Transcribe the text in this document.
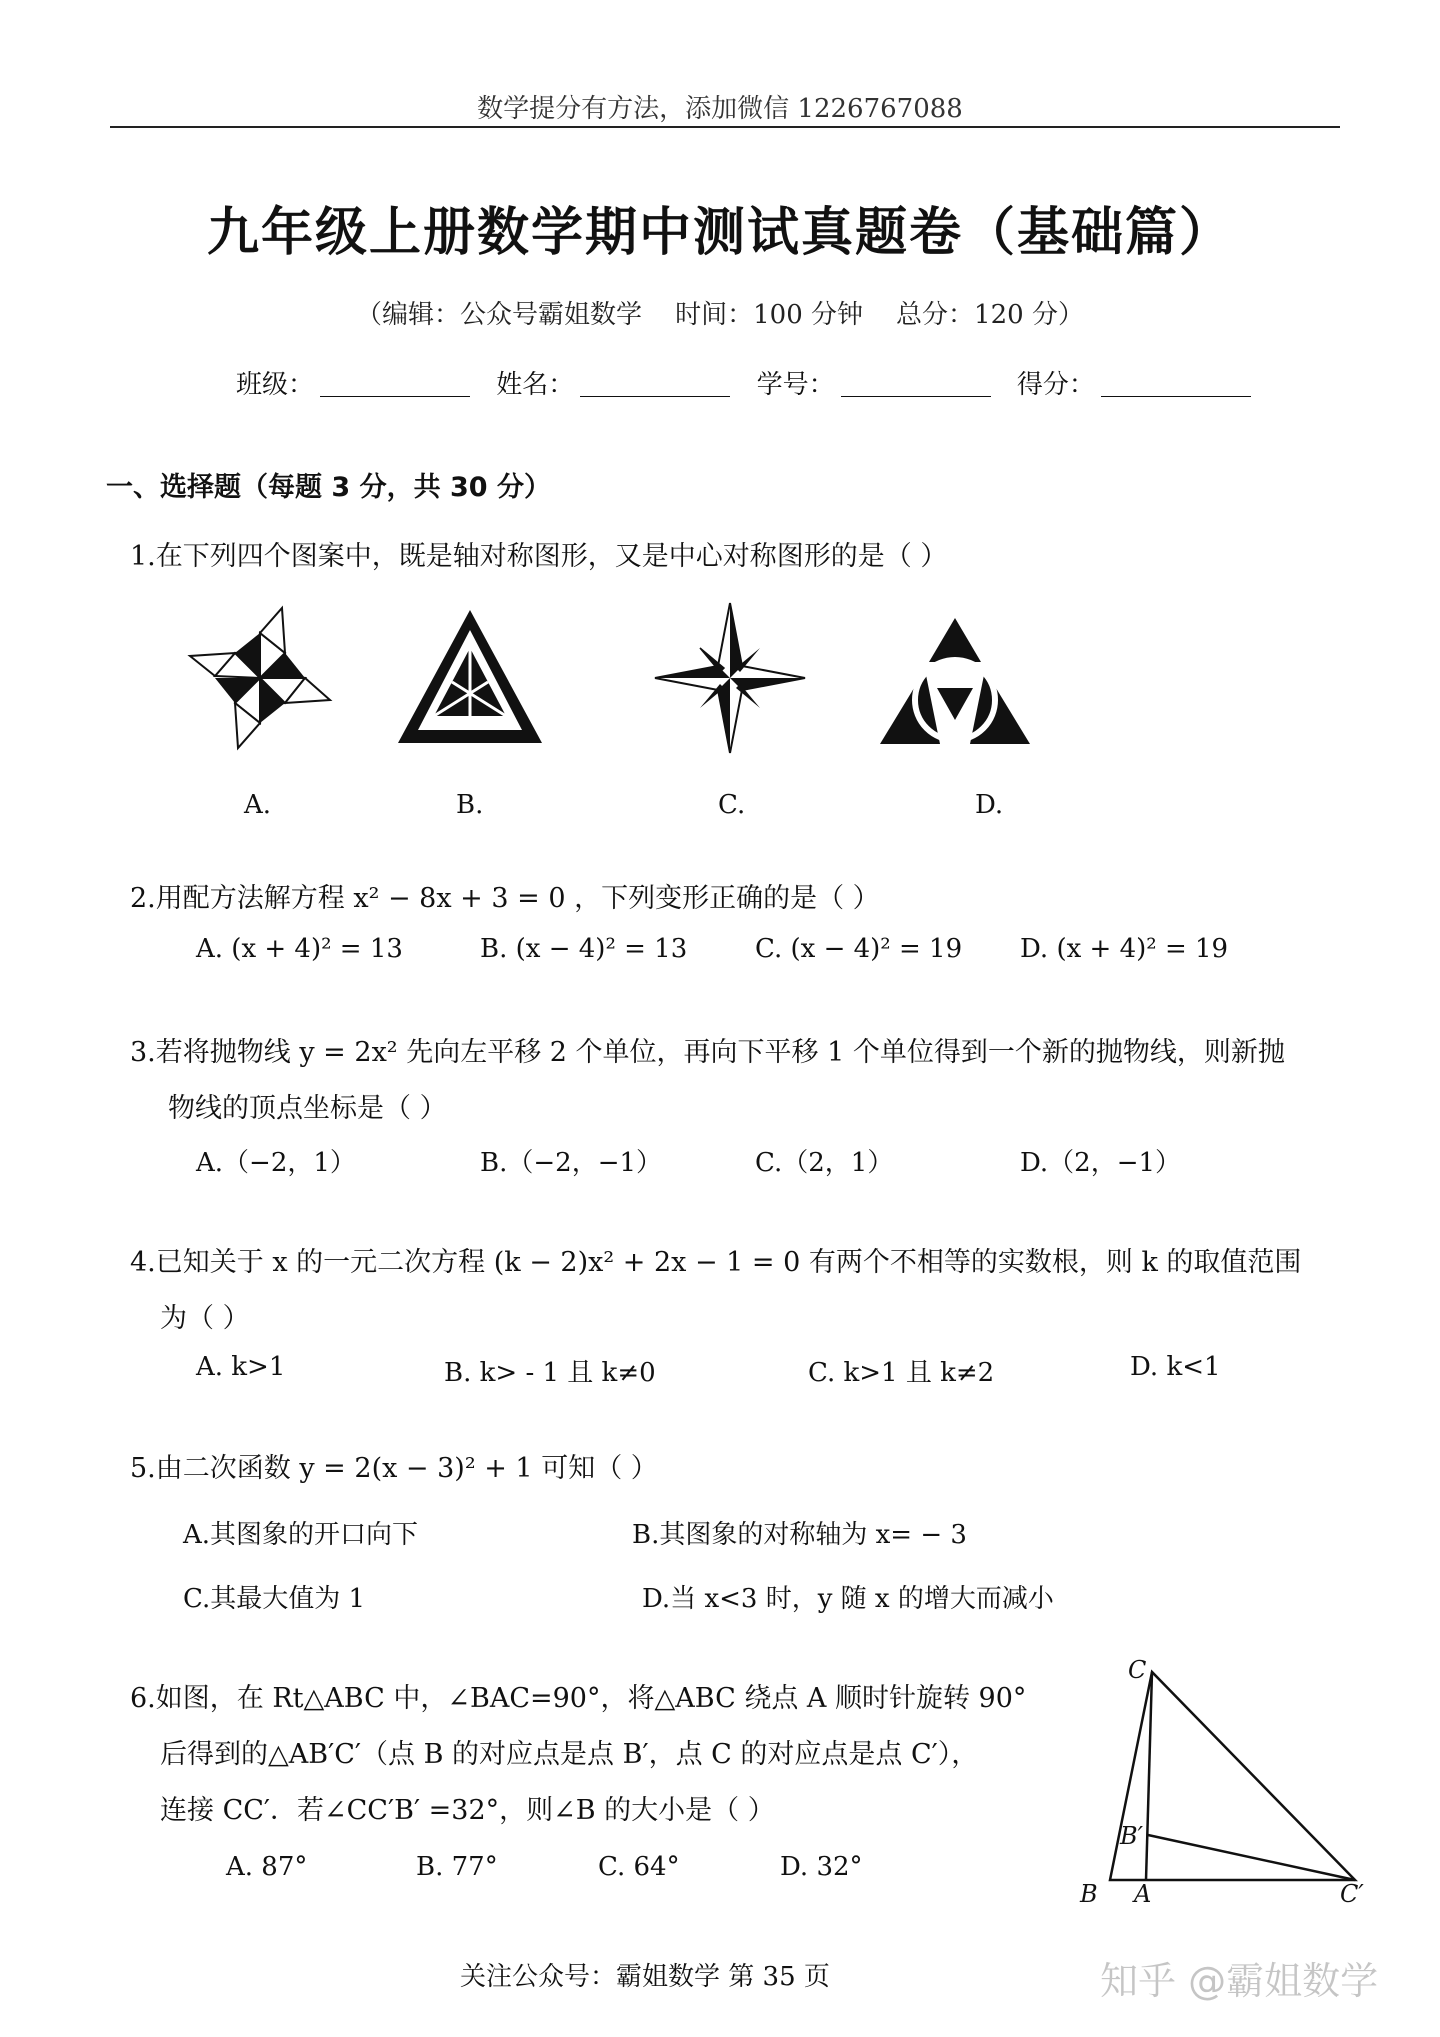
数学提分有方法，添加微信 1226767088
九年级上册数学期中测试真题卷（基础篇）
（编辑：公众号霸姐数学    时间：100 分钟    总分：120 分）
班级：	姓名：	学号：	得分：
一、选择题（每题 3 分，共 30 分）
1.在下列四个图案中，既是轴对称图形，又是中心对称图形的是（ ）
A.	B.	C.	D.
2.用配方法解方程 x² − 8x + 3 = 0 ，下列变形正确的是（ ）
A. (x + 4)² = 13	B. (x − 4)² = 13	C. (x − 4)² = 19 D. (x + 4)² = 19
3.若将抛物线 y = 2x² 先向左平移 2 个单位，再向下平移 1 个单位得到一个新的抛物线，则新抛
物线的顶点坐标是（ ）
A.（−2，1）	B.（−2，−1）	C.（2，1）	D.（2，−1）
4.已知关于 x 的一元二次方程 (k − 2)x² + 2x − 1 = 0 有两个不相等的实数根，则 k 的取值范围
为（ ）
A. k>1	B. k> - 1 且 k≠0	C. k>1 且 k≠2	D. k<1
5.由二次函数 y = 2(x − 3)² + 1 可知（ ）
A.其图象的开口向下	B.其图象的对称轴为 x= − 3
C.其最大值为 1	D.当 x<3 时，y 随 x 的增大而减小
6.如图，在 Rt△ABC 中，∠BAC=90°，将△ABC 绕点 A 顺时针旋转 90°
后得到的△AB′C′（点 B 的对应点是点 B′，点 C 的对应点是点 C′），
连接 CC′．若∠CC′B′ =32°，则∠B 的大小是（ ）
A. 87°	B. 77°	C. 64°	D. 32°
C
B′
B A	C′
关注公众号：霸姐数学 第 35 页	知乎 @霸姐数学
